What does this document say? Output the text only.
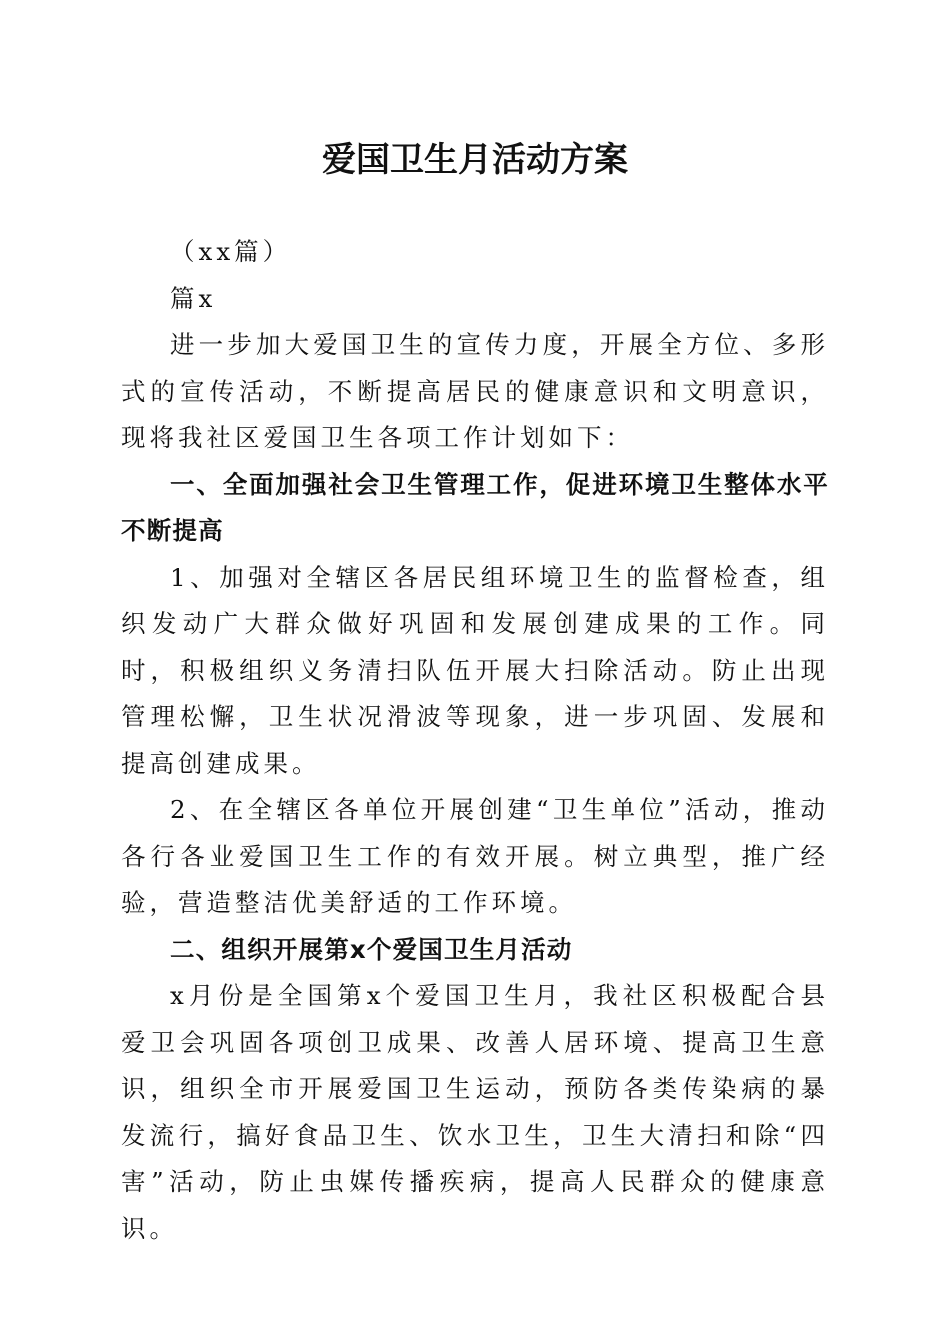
爱国卫生月活动方案

（xx篇）

篇x

进一步加大爱国卫生的宣传力度，开展全方位、多形式的宣传活动，不断提高居民的健康意识和文明意识，现将我社区爱国卫生各项工作计划如下：

一、全面加强社会卫生管理工作，促进环境卫生整体水平不断提高

1、加强对全辖区各居民组环境卫生的监督检查，组织发动广大群众做好巩固和发展创建成果的工作。同时，积极组织义务清扫队伍开展大扫除活动。防止出现管理松懈，卫生状况滑波等现象，进一步巩固、发展和提高创建成果。

2、在全辖区各单位开展创建“卫生单位”活动，推动各行各业爱国卫生工作的有效开展。树立典型，推广经验，营造整洁优美舒适的工作环境。

二、组织开展第x个爱国卫生月活动

x月份是全国第x个爱国卫生月，我社区积极配合县爱卫会巩固各项创卫成果、改善人居环境、提高卫生意识，组织全市开展爱国卫生运动，预防各类传染病的暴发流行，搞好食品卫生、饮水卫生，卫生大清扫和除“四害”活动，防止虫媒传播疾病，提高人民群众的健康意识。
